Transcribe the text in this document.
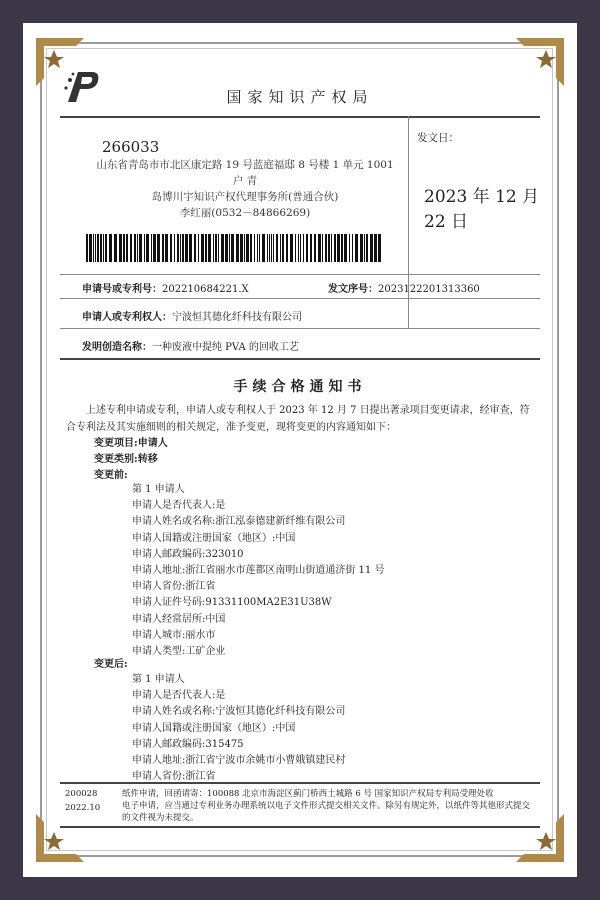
国家知识产权局
266033
山东省青岛市市北区康定路 19 号蓝庭福邸 8 号楼 1 单元 1001 户 青
岛博川宇知识产权代理事务所(普通合伙)
李红丽(0532－84866269)
发文日：
2023 年 12 月 22 日
申请号或专利号：202210684221.X	发文序号：2023122201313360
申请人或专利权人：宁波恒其德化纤科技有限公司
发明创造名称：一种废液中提纯 PVA 的回收工艺
手续合格通知书
上述专利申请或专利，申请人或专利权人于 2023 年 12 月 7 日提出著录项目变更请求，经审查，符合专利法及其实施细则的相关规定，准予变更，现将变更的内容通知如下：
变更项目:申请人
变更类别:转移
变更前:
第 1 申请人
申请人是否代表人:是
申请人姓名或名称:浙江泓泰德建新纤维有限公司
申请人国籍或注册国家（地区）:中国
申请人邮政编码:323010
申请人地址:浙江省丽水市莲都区南明山街道通济街 11 号
申请人省份:浙江省
申请人证件号码:91331100MA2E31U38W
申请人经常居所:中国
申请人城市:丽水市
申请人类型:工矿企业
变更后:
第 1 申请人
申请人是否代表人:是
申请人姓名或名称:宁波恒其德化纤科技有限公司
申请人国籍或注册国家（地区）:中国
申请人邮政编码:315475
申请人地址:浙江省宁波市余姚市小曹娥镇建民村
申请人省份:浙江省
200028
2022.10
纸件申请，回函请寄：100088 北京市海淀区蓟门桥西土城路 6 号 国家知识产权局专利局受理处收
电子申请，应当通过专利业务办理系统以电子文件形式提交相关文件。除另有规定外，以纸件等其他形式提交的文件视为未提交。
